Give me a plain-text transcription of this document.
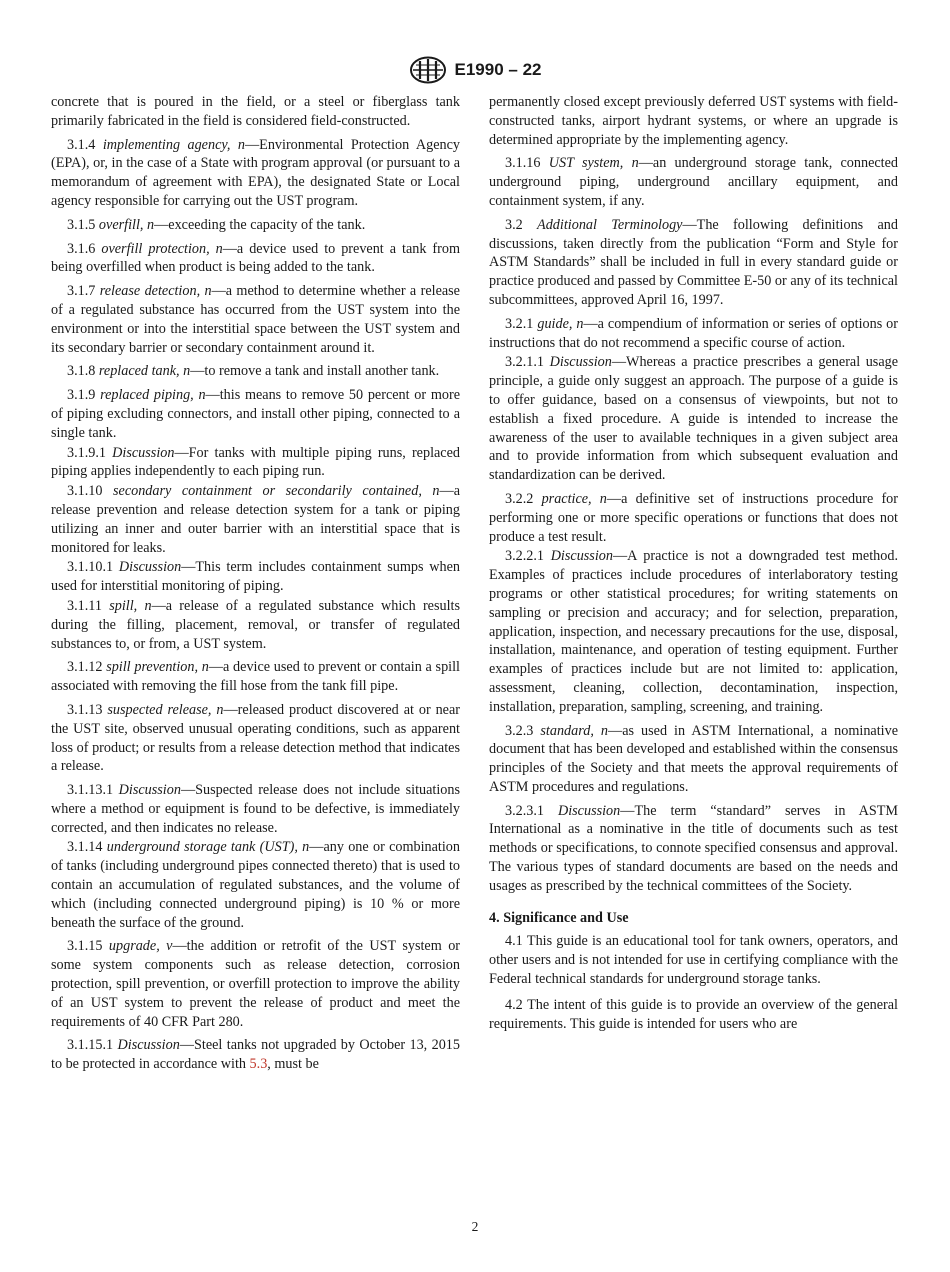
E1990 – 22

concrete that is poured in the field, or a steel or fiberglass tank primarily fabricated in the field is considered field-constructed.

3.1.4 implementing agency, n—Environmental Protection Agency (EPA), or, in the case of a State with program approval (or pursuant to a memorandum of agreement with EPA), the designated State or Local agency responsible for carrying out the UST program.

3.1.5 overfill, n—exceeding the capacity of the tank.

3.1.6 overfill protection, n—a device used to prevent a tank from being overfilled when product is being added to the tank.

3.1.7 release detection, n—a method to determine whether a release of a regulated substance has occurred from the UST system into the environment or into the interstitial space between the UST system and its secondary barrier or secondary containment around it.

3.1.8 replaced tank, n—to remove a tank and install another tank.

3.1.9 replaced piping, n—this means to remove 50 percent or more of piping excluding connectors, and install other piping, connected to a single tank.

3.1.9.1 Discussion—For tanks with multiple piping runs, replaced piping applies independently to each piping run.

3.1.10 secondary containment or secondarily contained, n—a release prevention and release detection system for a tank or piping utilizing an inner and outer barrier with an interstitial space that is monitored for leaks.

3.1.10.1 Discussion—This term includes containment sumps when used for interstitial monitoring of piping.

3.1.11 spill, n—a release of a regulated substance which results during the filling, placement, removal, or transfer of regulated substances to, or from, a UST system.

3.1.12 spill prevention, n—a device used to prevent or contain a spill associated with removing the fill hose from the tank fill pipe.

3.1.13 suspected release, n—released product discovered at or near the UST site, observed unusual operating conditions, such as apparent loss of product; or results from a release detection method that indicates a release.

3.1.13.1 Discussion—Suspected release does not include situations where a method or equipment is found to be defective, is immediately corrected, and then indicates no release.

3.1.14 underground storage tank (UST), n—any one or combination of tanks (including underground pipes connected thereto) that is used to contain an accumulation of regulated substances, and the volume of which (including connected underground piping) is 10 % or more beneath the surface of the ground.

3.1.15 upgrade, v—the addition or retrofit of the UST system or some system components such as release detection, corrosion protection, spill prevention, or overfill protection to improve the ability of an UST system to prevent the release of product and meet the requirements of 40 CFR Part 280.

3.1.15.1 Discussion—Steel tanks not upgraded by October 13, 2015 to be protected in accordance with 5.3, must be

permanently closed except previously deferred UST systems with field-constructed tanks, airport hydrant systems, or where an upgrade is determined appropriate by the implementing agency.

3.1.16 UST system, n—an underground storage tank, connected underground piping, underground ancillary equipment, and containment system, if any.

3.2 Additional Terminology—The following definitions and discussions, taken directly from the publication “Form and Style for ASTM Standards” shall be included in full in every standard guide or practice produced and passed by Committee E-50 or any of its technical subcommittees, approved April 16, 1997.

3.2.1 guide, n—a compendium of information or series of options or instructions that do not recommend a specific course of action.

3.2.1.1 Discussion—Whereas a practice prescribes a general usage principle, a guide only suggest an approach. The purpose of a guide is to offer guidance, based on a consensus of viewpoints, but not to establish a fixed procedure. A guide is intended to increase the awareness of the user to available techniques in a given subject area and to provide information from which subsequent evaluation and standardization can be derived.

3.2.2 practice, n—a definitive set of instructions procedure for performing one or more specific operations or functions that does not produce a test result.

3.2.2.1 Discussion—A practice is not a downgraded test method. Examples of practices include procedures of interlaboratory testing programs or other statistical procedures; for writing statements on sampling or precision and accuracy; and for selection, preparation, application, inspection, and necessary precautions for the use, disposal, installation, maintenance, and operation of testing equipment. Further examples of practices include but are not limited to: application, assessment, cleaning, collection, decontamination, inspection, installation, preparation, sampling, screening, and training.

3.2.3 standard, n—as used in ASTM International, a nominative document that has been developed and established within the consensus principles of the Society and that meets the approval requirements of ASTM procedures and regulations.

3.2.3.1 Discussion—The term “standard” serves in ASTM International as a nominative in the title of documents such as test methods or specifications, to connote specified consensus and approval. The various types of standard documents are based on the needs and usages as prescribed by the technical committees of the Society.

4. Significance and Use

4.1 This guide is an educational tool for tank owners, operators, and other users and is not intended for use in certifying compliance with the Federal technical standards for underground storage tanks.

4.2 The intent of this guide is to provide an overview of the general requirements. This guide is intended for users who are

2
